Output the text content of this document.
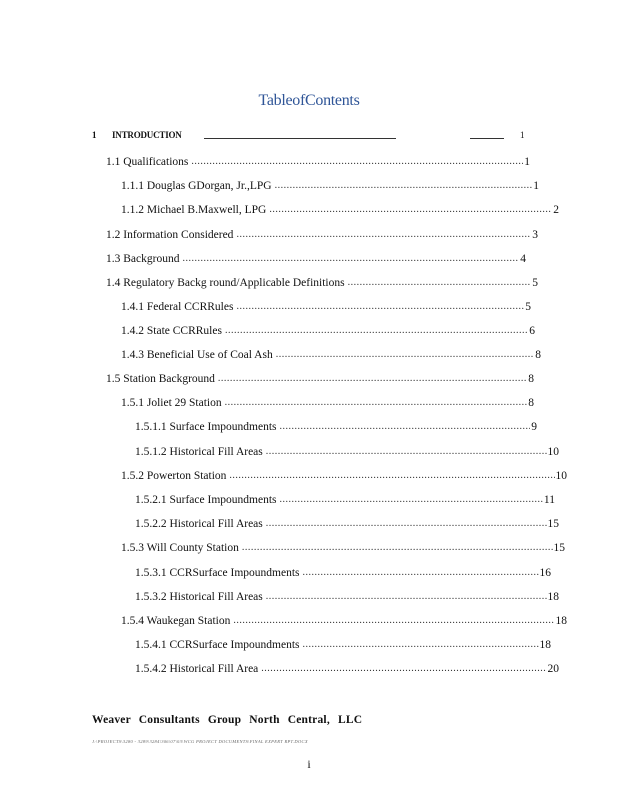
TableofContents
1 INTRODUCTION	1
1.1 Qualifications .....	1
1.1.1 Douglas GDorgan, Jr.,LPG .....	1
1.1.2 Michael B.Maxwell, LPG .....	2
1.2 Information Considered .....	3
1.3 Background .....	4
1.4 Regulatory Backg round/Applicable Definitions .....	5
1.4.1 Federal CCRRules .....	5
1.4.2 State CCRRules .....	6
1.4.3 Beneficial Use of Coal Ash .....	8
1.5 Station Background .....	8
1.5.1 Joliet 29 Station .....	8
1.5.1.1 Surface Impoundments .....	9
1.5.1.2 Historical Fill Areas .....	10
1.5.2 Powerton Station .....	10
1.5.2.1 Surface Impoundments .....	11
1.5.2.2 Historical Fill Areas .....	15
1.5.3 Will County Station .....	15
1.5.3.1 CCRSurface Impoundments .....	16
1.5.3.2 Historical Fill Areas .....	18
1.5.4 Waukegan Station .....	18
1.5.4.1 CCRSurface Impoundments .....	18
1.5.4.2 Historical Fill Area .....	20
Weaver Consultants Group North Central, LLC
J:\PROJECTS\3280 - 3289\3284\306\07\03\WCG PROJECT DOCUMENTS\FINAL EXPERT RPT.DOCX
i
